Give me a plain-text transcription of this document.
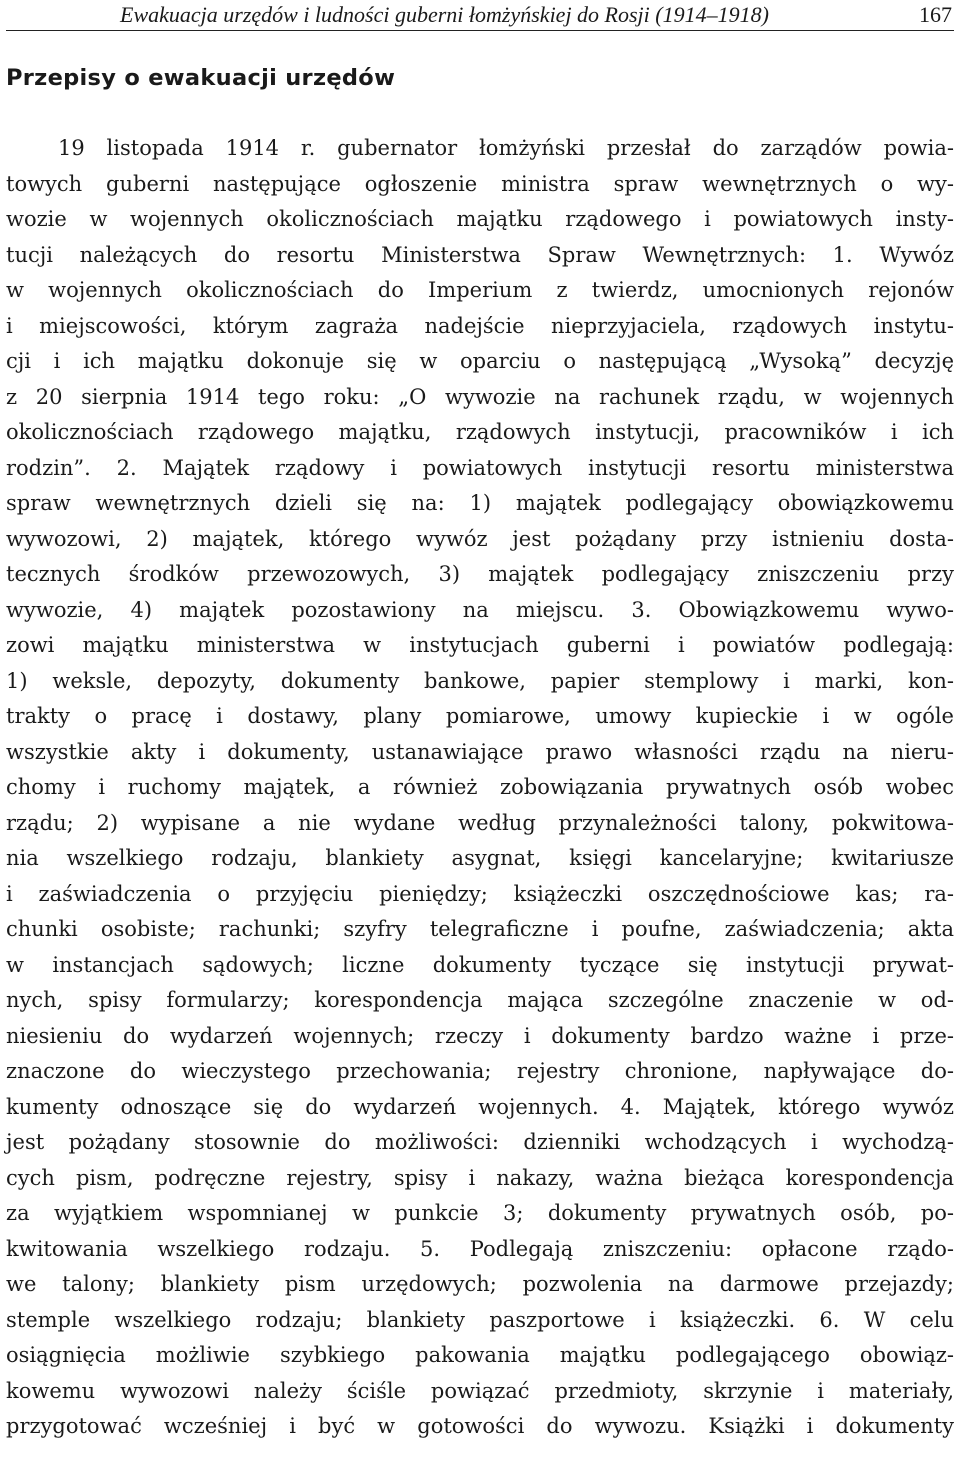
Ewakuacja urzędów i ludności guberni łomżyńskiej do Rosji (1914–1918)	167
Przepisy o ewakuacji urzędów
19 listopada 1914 r. gubernator łomżyński przesłał do zarządów powia-
towych guberni następujące ogłoszenie ministra spraw wewnętrznych o wy-
wozie w wojennych okolicznościach majątku rządowego i powiatowych insty-
tucji należących do resortu Ministerstwa Spraw Wewnętrznych: 1. Wywóz
w wojennych okolicznościach do Imperium z twierdz, umocnionych rejonów
i miejscowości, którym zagraża nadejście nieprzyjaciela, rządowych instytu-
cji i ich majątku dokonuje się w oparciu o następującą „Wysoką” decyzję
z 20 sierpnia 1914 tego roku: „O wywozie na rachunek rządu, w wojennych
okolicznościach rządowego majątku, rządowych instytucji, pracowników i ich
rodzin”. 2. Majątek rządowy i powiatowych instytucji resortu ministerstwa
spraw wewnętrznych dzieli się na: 1) majątek podlegający obowiązkowemu
wywozowi, 2) majątek, którego wywóz jest pożądany przy istnieniu dosta-
tecznych środków przewozowych, 3) majątek podlegający zniszczeniu przy
wywozie, 4) majątek pozostawiony na miejscu. 3. Obowiązkowemu wywo-
zowi majątku ministerstwa w instytucjach guberni i powiatów podlegają:
1) weksle, depozyty, dokumenty bankowe, papier stemplowy i marki, kon-
trakty o pracę i dostawy, plany pomiarowe, umowy kupieckie i w ogóle
wszystkie akty i dokumenty, ustanawiające prawo własności rządu na nieru-
chomy i ruchomy majątek, a również zobowiązania prywatnych osób wobec
rządu; 2) wypisane a nie wydane według przynależności talony, pokwitowa-
nia wszelkiego rodzaju, blankiety asygnat, księgi kancelaryjne; kwitariusze
i zaświadczenia o przyjęciu pieniędzy; książeczki oszczędnościowe kas; ra-
chunki osobiste; rachunki; szyfry telegraficzne i poufne, zaświadczenia; akta
w instancjach sądowych; liczne dokumenty tyczące się instytucji prywat-
nych, spisy formularzy; korespondencja mająca szczególne znaczenie w od-
niesieniu do wydarzeń wojennych; rzeczy i dokumenty bardzo ważne i prze-
znaczone do wieczystego przechowania; rejestry chronione, napływające do-
kumenty odnoszące się do wydarzeń wojennych. 4. Majątek, którego wywóz
jest pożądany stosownie do możliwości: dzienniki wchodzących i wychodzą-
cych pism, podręczne rejestry, spisy i nakazy, ważna bieżąca korespondencja
za wyjątkiem wspomnianej w punkcie 3; dokumenty prywatnych osób, po-
kwitowania wszelkiego rodzaju. 5. Podlegają zniszczeniu: opłacone rządo-
we talony; blankiety pism urzędowych; pozwolenia na darmowe przejazdy;
stemple wszelkiego rodzaju; blankiety paszportowe i książeczki. 6. W celu
osiągnięcia możliwie szybkiego pakowania majątku podlegającego obowiąz-
kowemu wywozowi należy ściśle powiązać przedmioty, skrzynie i materiały,
przygotować wcześniej i być w gotowości do wywozu. Książki i dokumenty
